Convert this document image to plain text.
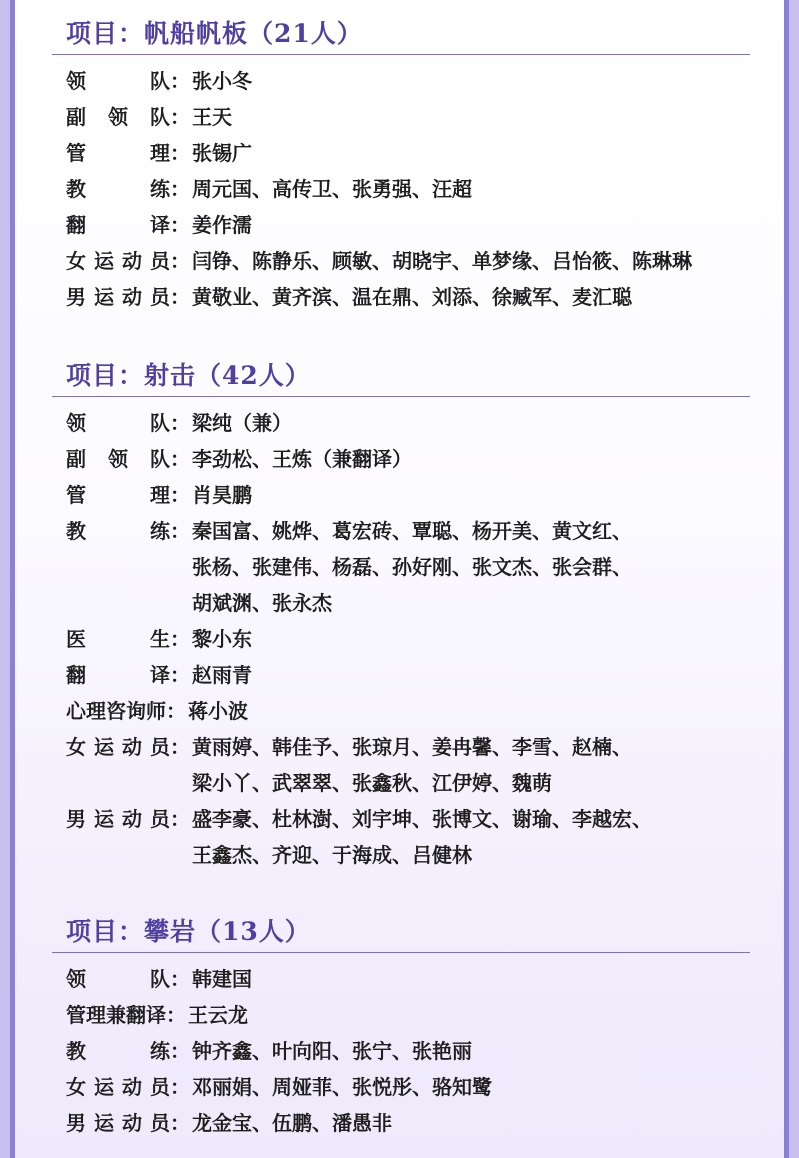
项目：帆船帆板（21人）
领队 ： 张小冬
副领队 ： 王天
管理 ： 张锡广
教练 ： 周元国、高传卫、张勇强、汪超
翻译 ： 姜作濡
女运动员 ： 闫铮、陈静乐、顾敏、胡晓宇、单梦缘、吕怡筱、陈琳琳
男运动员 ： 黄敬业、黄齐滨、温在鼎、刘添、徐臧军、麦汇聪
项目：射击（42人）
领队 ： 梁纯（兼）
副领队 ： 李劲松、王炼（兼翻译）
管理 ： 肖昊鹏
教练 ： 秦国富、姚烨、葛宏砖、覃聪、杨开美、黄文红、
张杨、张建伟、杨磊、孙好刚、张文杰、张会群、
胡斌渊、张永杰
医生 ： 黎小东
翻译 ： 赵雨青
心理咨询师 ： 蒋小波
女运动员 ： 黄雨婷、韩佳予、张琼月、姜冉馨、李雪、赵楠、
梁小丫、武翠翠、张鑫秋、江伊婷、魏萌
男运动员 ： 盛李豪、杜林澍、刘宇坤、张博文、谢瑜、李越宏、
王鑫杰、齐迎、于海成、吕健林
项目：攀岩（13人）
领队 ： 韩建国
管理兼翻译 ： 王云龙
教练 ： 钟齐鑫、叶向阳、张宁、张艳丽
女运动员 ： 邓丽娟、周娅菲、张悦彤、骆知鹭
男运动员 ： 龙金宝、伍鹏、潘愚非
